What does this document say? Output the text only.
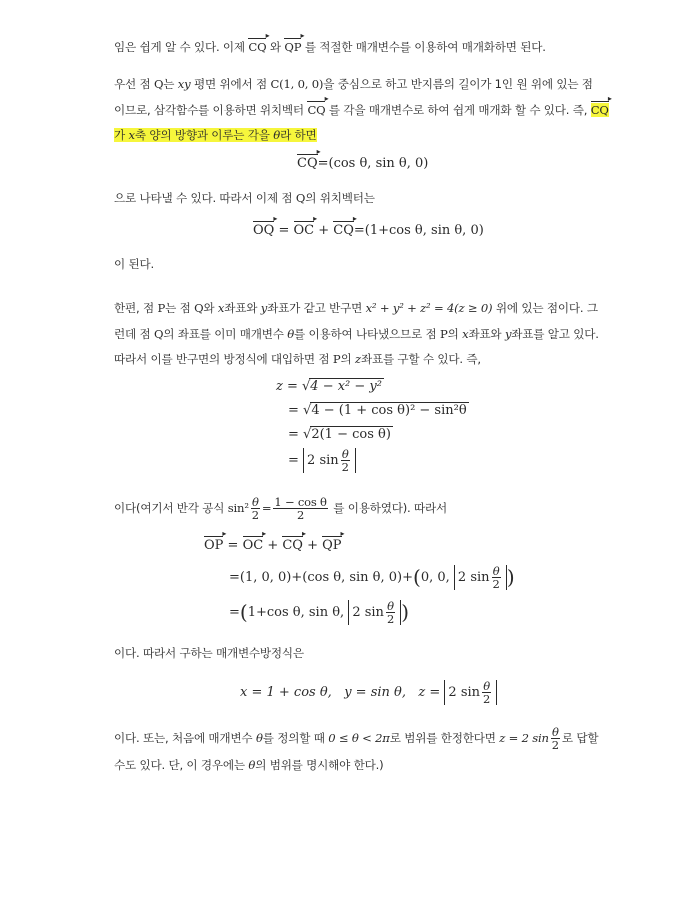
임은 쉽게 알 수 있다. 이제 CQ ▸ 와 QP ▸ 를 적절한 매개변수를 이용하여 매개화하면 된다.
우선 점 Q는 xy 평면 위에서 점 C(1, 0, 0)을 중심으로 하고 반지름의 길이가 1인 원 위에 있는 점
이므로, 삼각함수를 이용하면 위치벡터 CQ ▸ 를 각을 매개변수로 하여 쉽게 매개화 할 수 있다. 즉, CQ ▸
가 x축 양의 방향과 이루는 각을 θ라 하면
CQ ▸=(cos θ, sin θ, 0)
으로 나타낼 수 있다. 따라서 이제 점 Q의 위치벡터는
OQ ▸ = OC ▸ + CQ ▸=(1+cos θ, sin θ, 0)
이 된다.
한편, 점 P는 점 Q와 x좌표와 y좌표가 같고 반구면 x² + y² + z² = 4(z ≥ 0) 위에 있는 점이다. 그
런데 점 Q의 좌표를 이미 매개변수 θ를 이용하여 나타냈으므로 점 P의 x좌표와 y좌표를 알고 있다.
따라서 이를 반구면의 방정식에 대입하면 점 P의 z좌표를 구할 수 있다. 즉,
z = √4 − x² − y²
= √4 − (1 + cos θ)² − sin²θ
= √2(1 − cos θ)
= 2 $\sin \frac{\theta}{2}$
이다(여기서 반각 공식 $\sin^2 \frac{\theta}{2} = \frac{\text{1 − cos θ}}{2}$ 를 이용하였다). 따라서
OP ▸ = OC ▸ + CQ ▸ + QP ▸
=(1, 0, 0)+(cos θ, sin θ, 0)+(0, 0, 2 $\sin \frac{\theta}{2}$ )
=(1+cos θ, sin θ, 2 $\sin \frac{\theta}{2}$ )
이다. 따라서 구하는 매개변수방정식은
x = 1 + cos θ, y = sin θ, z = 2 $\sin \frac{\theta}{2}$
이다. 또는, 처음에 매개변수 θ를 정의할 때 0 ≤ θ < 2π로 범위를 한정한다면 z = 2 $\sin \frac{\theta}{2}$ 로 답할
수도 있다. 단, 이 경우에는 θ의 범위를 명시해야 한다.)
